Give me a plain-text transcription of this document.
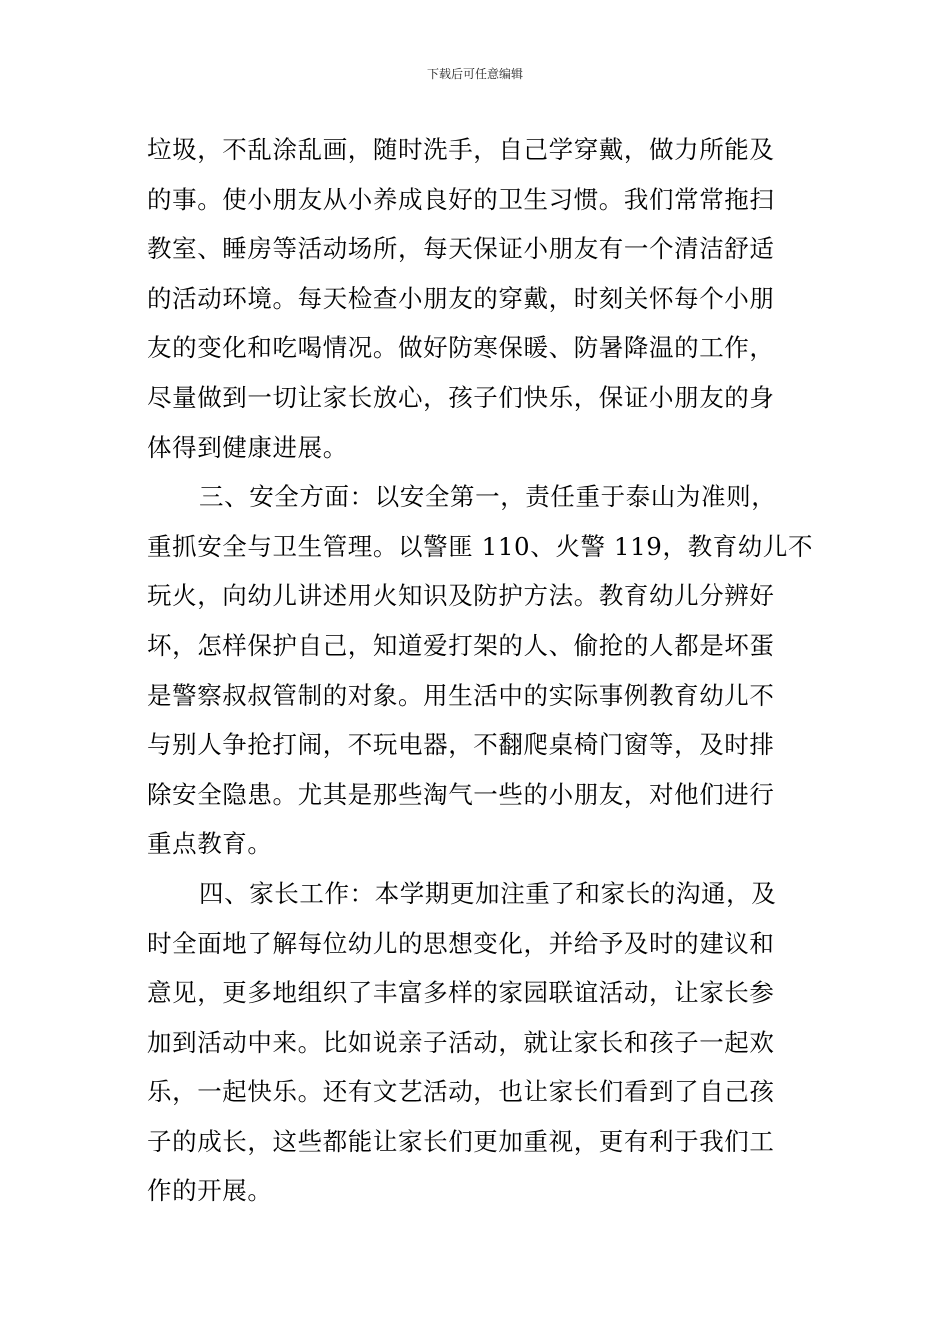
下载后可任意编辑
垃圾，不乱涂乱画，随时洗手，自己学穿戴，做力所能及
的事。使小朋友从小养成良好的卫生习惯。我们常常拖扫
教室、睡房等活动场所，每天保证小朋友有一个清洁舒适
的活动环境。每天检查小朋友的穿戴，时刻关怀每个小朋
友的变化和吃喝情况。做好防寒保暖、防暑降温的工作，
尽量做到一切让家长放心，孩子们快乐，保证小朋友的身
体得到健康进展。
三、安全方面：以安全第一，责任重于泰山为准则，
重抓安全与卫生管理。以警匪 110、火警 119，教育幼儿不
玩火，向幼儿讲述用火知识及防护方法。教育幼儿分辨好
坏，怎样保护自己，知道爱打架的人、偷抢的人都是坏蛋
是警察叔叔管制的对象。用生活中的实际事例教育幼儿不
与别人争抢打闹，不玩电器，不翻爬桌椅门窗等，及时排
除安全隐患。尤其是那些淘气一些的小朋友，对他们进行
重点教育。
四、家长工作：本学期更加注重了和家长的沟通，及
时全面地了解每位幼儿的思想变化，并给予及时的建议和
意见，更多地组织了丰富多样的家园联谊活动，让家长参
加到活动中来。比如说亲子活动，就让家长和孩子一起欢
乐，一起快乐。还有文艺活动，也让家长们看到了自己孩
子的成长，这些都能让家长们更加重视，更有利于我们工
作的开展。
